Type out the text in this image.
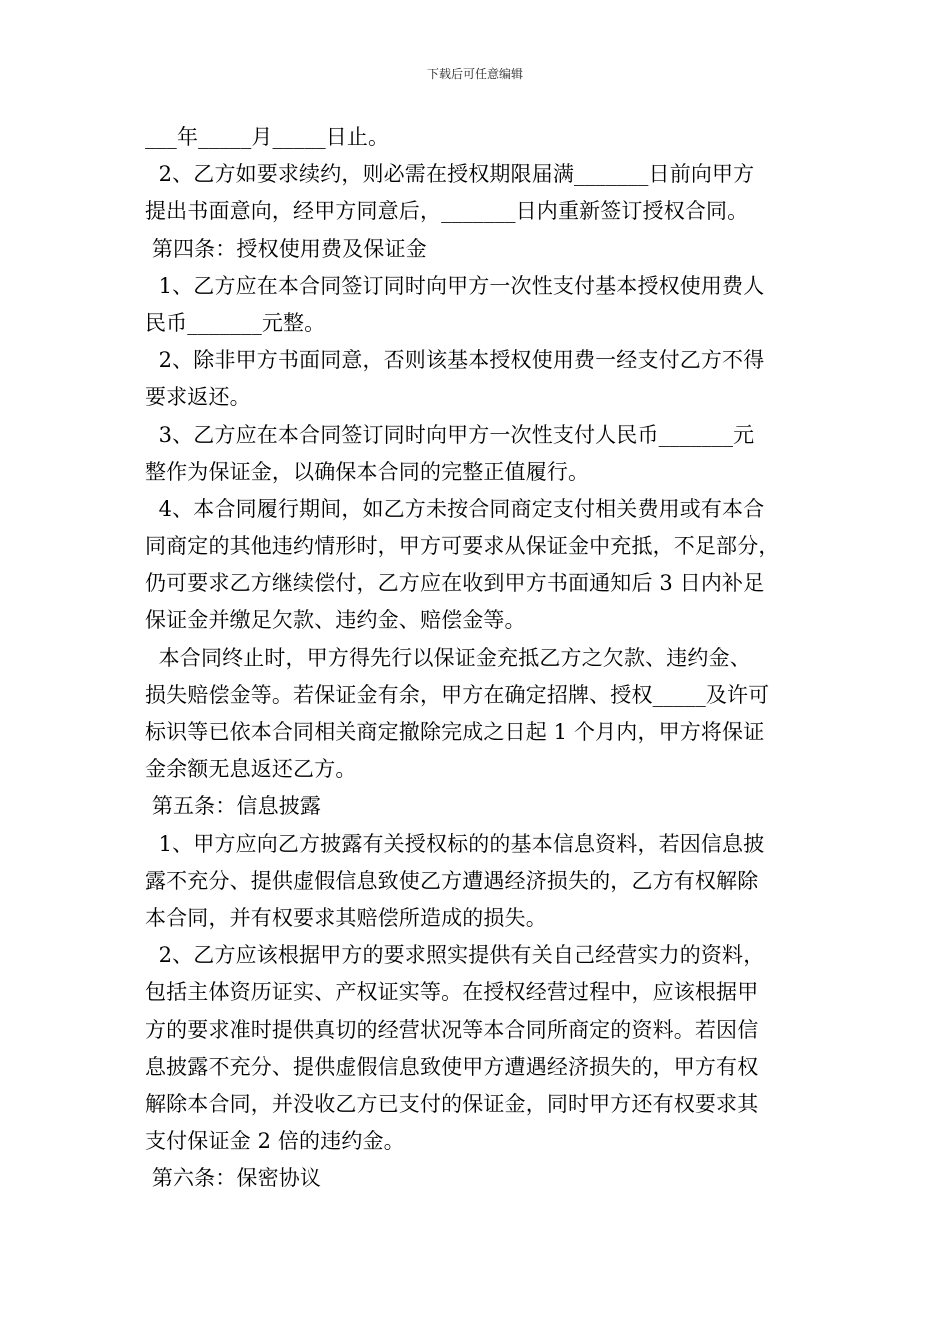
下载后可任意编辑
___年_____月_____日止。
2、乙方如要求续约，则必需在授权期限届满_______日前向甲方
提出书面意向，经甲方同意后，_______日内重新签订授权合同。
第四条：授权使用费及保证金
1、乙方应在本合同签订同时向甲方一次性支付基本授权使用费人
民币_______元整。
2、除非甲方书面同意，否则该基本授权使用费一经支付乙方不得
要求返还。
3、乙方应在本合同签订同时向甲方一次性支付人民币_______元
整作为保证金，以确保本合同的完整正值履行。
4、本合同履行期间，如乙方未按合同商定支付相关费用或有本合
同商定的其他违约情形时，甲方可要求从保证金中充抵，不足部分，
仍可要求乙方继续偿付，乙方应在收到甲方书面通知后 3 日内补足
保证金并缴足欠款、违约金、赔偿金等。
本合同终止时，甲方得先行以保证金充抵乙方之欠款、违约金、
损失赔偿金等。若保证金有余，甲方在确定招牌、授权_____及许可
标识等已依本合同相关商定撤除完成之日起 1 个月内，甲方将保证
金余额无息返还乙方。
第五条：信息披露
1、甲方应向乙方披露有关授权标的的基本信息资料，若因信息披
露不充分、提供虚假信息致使乙方遭遇经济损失的，乙方有权解除
本合同，并有权要求其赔偿所造成的损失。
2、乙方应该根据甲方的要求照实提供有关自己经营实力的资料，
包括主体资历证实、产权证实等。在授权经营过程中，应该根据甲
方的要求准时提供真切的经营状况等本合同所商定的资料。若因信
息披露不充分、提供虚假信息致使甲方遭遇经济损失的，甲方有权
解除本合同，并没收乙方已支付的保证金，同时甲方还有权要求其
支付保证金 2 倍的违约金。
第六条：保密协议
